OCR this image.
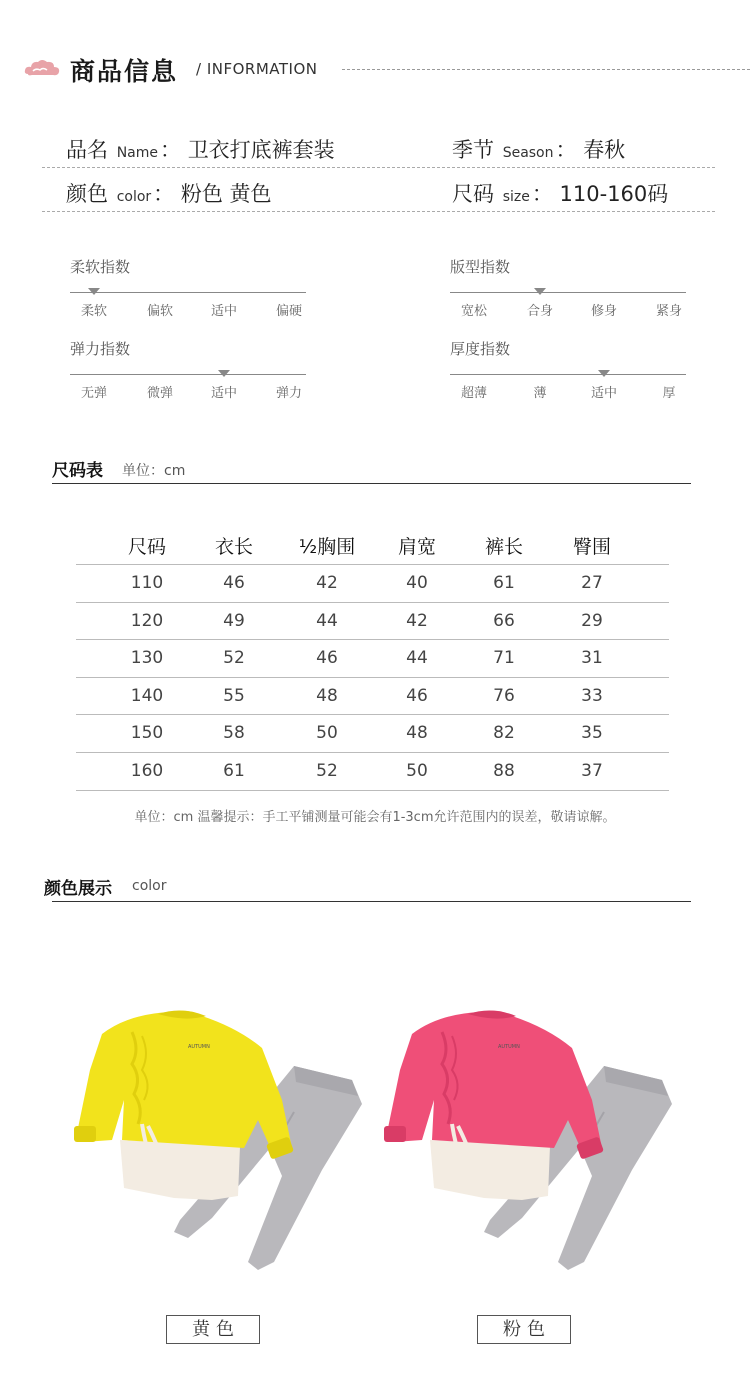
商品信息 / INFORMATION
品名 Name： 卫衣打底裤套装	季节 Season： 春秋
颜色 color： 粉色 黄色	尺码 size： 110-160码
柔软指数
柔软	偏软	适中	偏硬
版型指数
宽松	合身	修身	紧身
弹力指数
无弹	微弹	适中	弹力
厚度指数
超薄	薄	适中	厚
尺码表 单位：cm
尺码	衣长	½胸围	肩宽	裤长	臀围
110	46	42	40	61	27
120	49	44	42	66	29
130	52	46	44	71	31
140	55	48	46	76	33
150	58	50	48	82	35
160	61	52	50	88	37
单位：cm 温馨提示：手工平铺测量可能会有1-3cm允许范围内的误差，敬请谅解。
颜色展示 color
AUTUMN
黄色
AUTUMN
粉色
